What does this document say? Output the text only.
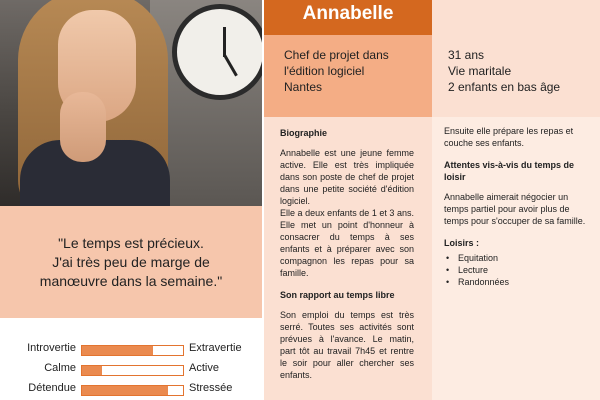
"Le temps est précieux.
J'ai très peu de marge de
manœuvre dans la semaine."

Introvertie	Extravertie
Calme	Active
Détendue	Stressée
Annabelle
Chef de projet dans
l'édition logiciel
Nantes
31 ans
Vie maritale
2 enfants en bas âge
Biographie

Annabelle est une jeune femme active. Elle est très impliquée dans son poste de chef de projet dans une petite société d'édition logiciel.

Elle a deux enfants de 1 et 3 ans. Elle met un point d'honneur à consacrer du temps à ses enfants et à préparer avec son compagnon les repas pour sa famille.

Son rapport au temps libre

Son emploi du temps est très serré. Toutes ses activités sont prévues à l'avance. Le matin, part tôt au travail 7h45 et rentre le soir pour aller chercher ses enfants.

Ensuite elle prépare les repas et couche ses enfants.

Attentes vis-à-vis du temps de loisir

Annabelle aimerait négocier un temps partiel pour avoir plus de temps pour s'occuper de sa famille.

Loisirs :
• Equitation
• Lecture
• Randonnées
